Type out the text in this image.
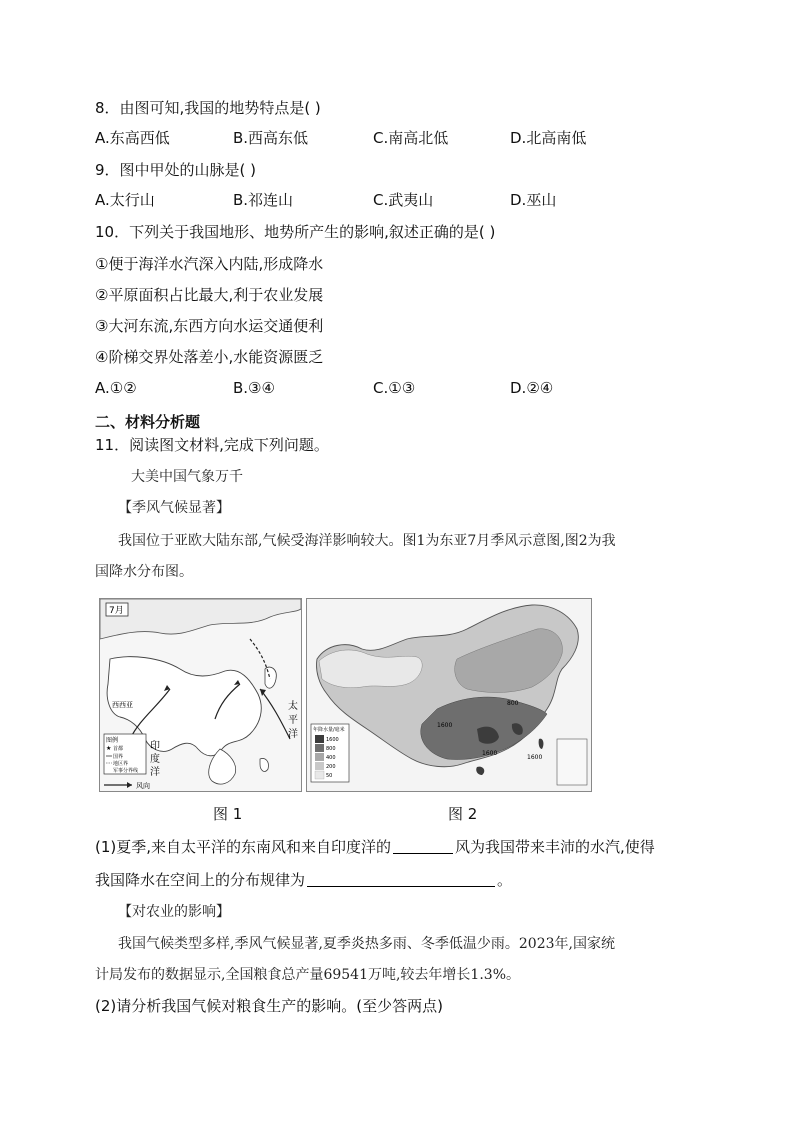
8．由图可知,我国的地势特点是( )
A.东高西低	B.西高东低	C.南高北低	D.北高南低
9．图中甲处的山脉是( )
A.太行山	B.祁连山	C.武夷山	D.巫山
10．下列关于我国地形、地势所产生的影响,叙述正确的是( )
①便于海洋水汽深入内陆,形成降水
②平原面积占比最大,利于农业发展
③大河东流,东西方向水运交通便利
④阶梯交界处落差小,水能资源匮乏
A.①②	B.③④	C.①③	D.②④
二、材料分析题
11．阅读图文材料,完成下列问题。
大美中国气象万千
【季风气候显著】
我国位于亚欧大陆东部,气候受海洋影响较大。图1为东亚7月季风示意图,图2为我
国降水分布图。
7月
西西亚	太
平
洋
印
度
洋
图例
★ 首都
国界
地区界
军事分界线
风向
1600
1600
1600
800
年降水量/毫米
1600
800
400
200
50
图 1	图 2
(1)夏季,来自太平洋的东南风和来自印度洋的	风为我国带来丰沛的水汽,使得
我国降水在空间上的分布规律为	。
【对农业的影响】
我国气候类型多样,季风气候显著,夏季炎热多雨、冬季低温少雨。2023年,国家统
计局发布的数据显示,全国粮食总产量69541万吨,较去年增长1.3%。
(2)请分析我国气候对粮食生产的影响。(至少答两点)
